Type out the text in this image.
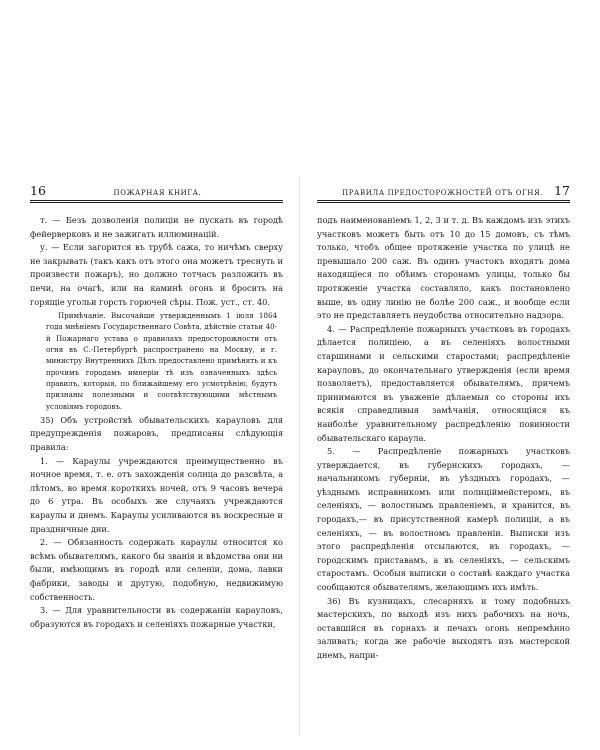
16	ПОЖАРНАЯ КНИГА.

т. — Безъ дозволенія полиціи не пускать въ городѣ фейерверковъ и не зажигать иллюминацій.

у. — Если загорится въ трубѣ сажа, то ничѣмъ сверху не закрывать (такъ какъ отъ этого она можетъ треснуть и произвести пожаръ), но должно тотчасъ разложить въ печи, на очагѣ, или на каминѣ огонь и бросить на горящіе угольи горсть горючей сѣры. Пож. уст., ст. 40.

Примѣчаніе. Высочайше утвержденнымъ 1 іюля 1864 года мнѣніемъ Государственнаго Совѣта, дѣйствіе статьи 40-й Пожарнаго устава о правилахъ предосторожности отъ огня въ С.-Петербургѣ распространено на Москву, и г. министру Внутреннихъ Дѣлъ предоставлено примѣнять и къ прочимъ городамъ имперіи тѣ изъ означенныхъ здѣсь правилъ, которыя, по ближайшему его усмотрѣнію, будутъ признаны полезными и соотвѣтствующими мѣстнымъ условіямъ городовъ.

35) Объ устройствѣ обывательскихъ карауловъ для предупрежденія пожаровъ, предписаны слѣдующія правила:

1. — Караулы учреждаются преимущественно въ ночное время, т. е. отъ захожденія солнца до разсвѣта, а лѣтомъ, во время короткихъ ночей, отъ 9 часовъ вечера до 6 утра. Въ особыхъ же случаяхъ учреждаются караулы и днемъ. Караулы усиливаются въ воскресные и праздничные дни.

2. — Обязанность содержать караулы относится ко всѣмъ обывателямъ, какого бы званія и вѣдомства они ни были, имѣющимъ въ городѣ или селеніи, дома, лавки фабрики, заводы и другую, подобную, недвижимую собственность.

3. — Для уравнительности въ содержаніи карауловъ, образуются въ городахъ и селеніяхъ пожарные участки,

ПРАВИЛА ПРЕДОСТОРОЖНОСТЕЙ ОТЪ ОГНЯ. 17

подъ наименованіемъ 1, 2, 3 и т. д. Въ каждомъ изъ этихъ участковъ можетъ быть отъ 10 до 15 домовъ, съ тѣмъ только, чтобъ общее протяженіе участка по улицѣ не превышало 200 саж. Въ одинъ участокъ входятъ дома находящіеся по обѣимъ сторонамъ улицы, только бы протяженіе участка составляло, какъ постановлено выше, въ одну линію не болѣе 200 саж., и вообще если это не представляетъ неудобства относительно надзора.

4. — Распредѣленіе пожарныхъ участковъ въ городахъ дѣлается полиціею, а въ селеніяхъ волостными старшинами и сельскими старостами; распредѣленіе карауловъ, до окончательнаго утвержденія (если время позволяетъ), предоставляется обывателямъ, причемъ принимаются въ уваженіе дѣлаемыя со стороны ихъ всякія справедливыя замѣчанія, относящіяся къ наиболѣе уравнительному распредѣленію повинности обывательскаго караула.

5. — Распредѣленіе пожарныхъ участковъ утверждается, въ губернскихъ городахъ, — начальникомъ губерніи, въ уѣздныхъ городахъ, — уѣзднымъ исправникомъ или полиціймейстеромъ, въ селеніяхъ, — волостнымъ правленіемъ, и хранится, въ городахъ,— въ присутственной камерѣ полиціи, а въ селеніяхъ, — въ волостномъ правленіи. Выписки изъ этого распредѣленія отсылаются, въ городахъ, — городскимъ приставамъ, а въ селеніяхъ, — сельскимъ старостамъ. Особыя выписки о составѣ каждаго участка сообщаются обывателямъ, желающимъ ихъ имѣть.

36) Въ кузницахъ, слесарняхъ и тому подобныхъ мастерскихъ, по выходѣ изъ нихъ рабочихъ на ночь, оставшійся въ горнахъ и печахъ огонь непремѣнно заливать; когда же рабочіе выходятъ изъ мастерской днемъ, напри-
